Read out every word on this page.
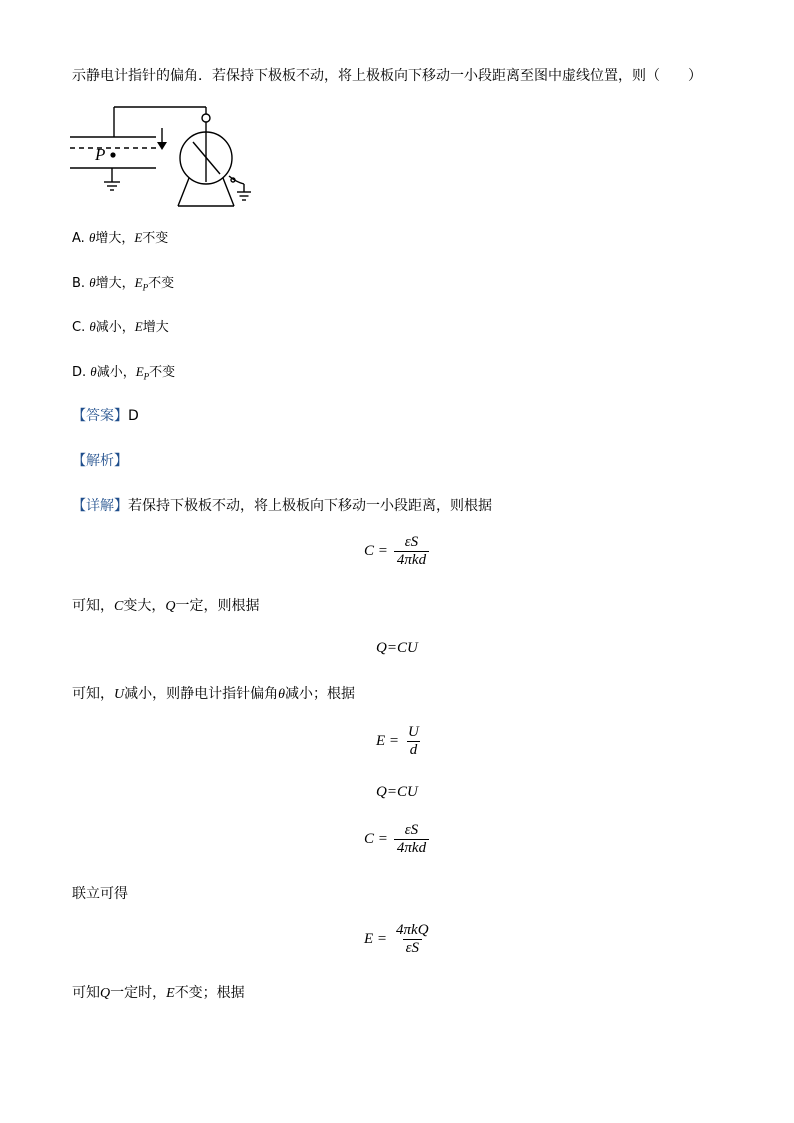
示静电计指针的偏角．若保持下极板不动，将上极板向下移动一小段距离至图中虚线位置，则（　　）
P
A. θ增大，E不变
B. θ增大，$E_P$不变
C. θ减小，E增大
D. θ减小，$E_P$不变
【答案】D
【解析】
【详解】若保持下极板不动，将上极板向下移动一小段距离，则根据
$C = \frac{\varepsilon S}{\text{4πkd}}$
可知，C变大，Q一定，则根据
Q=CU
可知，U减小，则静电计指针偏角θ减小；根据
$E = \frac{U}{d}$
Q=CU
$C = \frac{\varepsilon S}{\text{4πkd}}$
联立可得
$E = \frac{\text{4πkQ}}{\varepsilon S}$
可知Q一定时，E不变；根据
